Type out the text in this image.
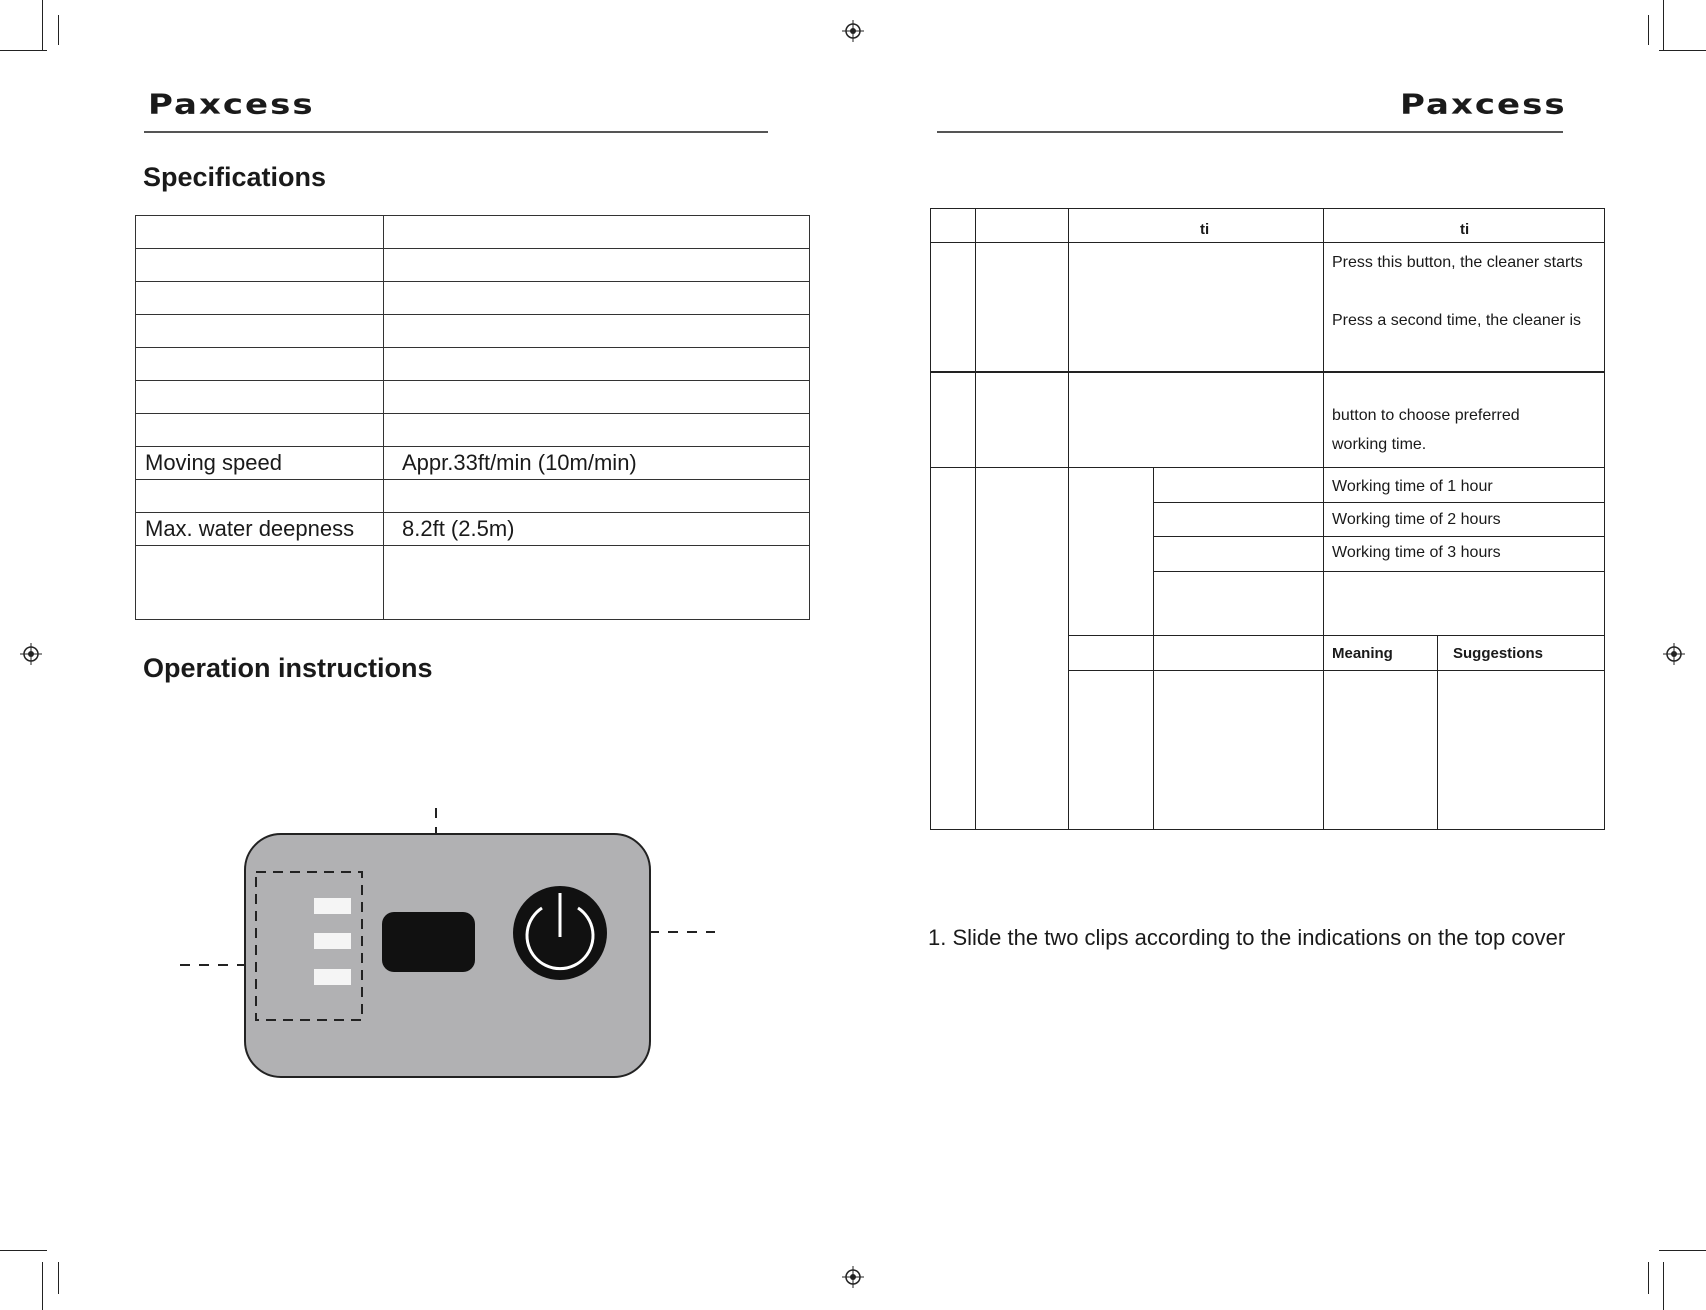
Paxcess
Specifications

Moving speed	Appr.33ft/min (10m/min)

Max. water deepness	8.2ft (2.5m)

Operation instructions
Paxcess
ti	ti
Press this button, the cleaner starts
Press a second time, the cleaner is
button to choose preferred
working time.
Working time of 1 hour
Working time of 2 hours
Working time of 3 hours
Meaning	Suggestions
1. Slide the two clips according to the indications on the top cover
